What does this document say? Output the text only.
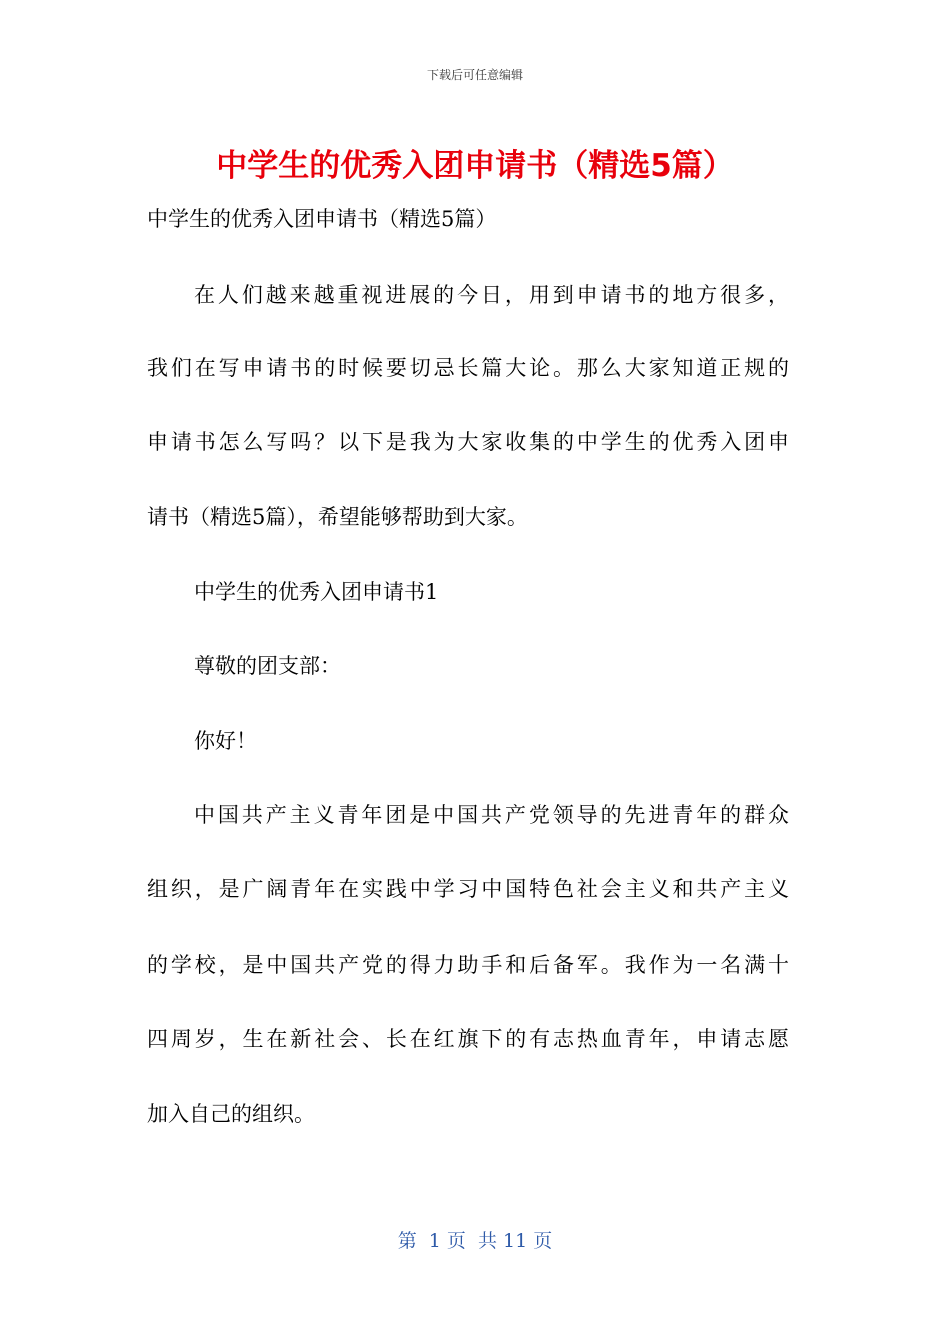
下载后可任意编辑
中学生的优秀入团申请书（精选5篇）
中学生的优秀入团申请书（精选5篇）
在人们越来越重视进展的今日，用到申请书的地方很多，
我们在写申请书的时候要切忌长篇大论。那么大家知道正规的
申请书怎么写吗？以下是我为大家收集的中学生的优秀入团申
请书（精选5篇），希望能够帮助到大家。
中学生的优秀入团申请书1
尊敬的团支部：
你好！
中国共产主义青年团是中国共产党领导的先进青年的群众
组织，是广阔青年在实践中学习中国特色社会主义和共产主义
的学校，是中国共产党的得力助手和后备军。我作为一名满十
四周岁，生在新社会、长在红旗下的有志热血青年，申请志愿
加入自己的组织。
第  1 页  共 11 页
